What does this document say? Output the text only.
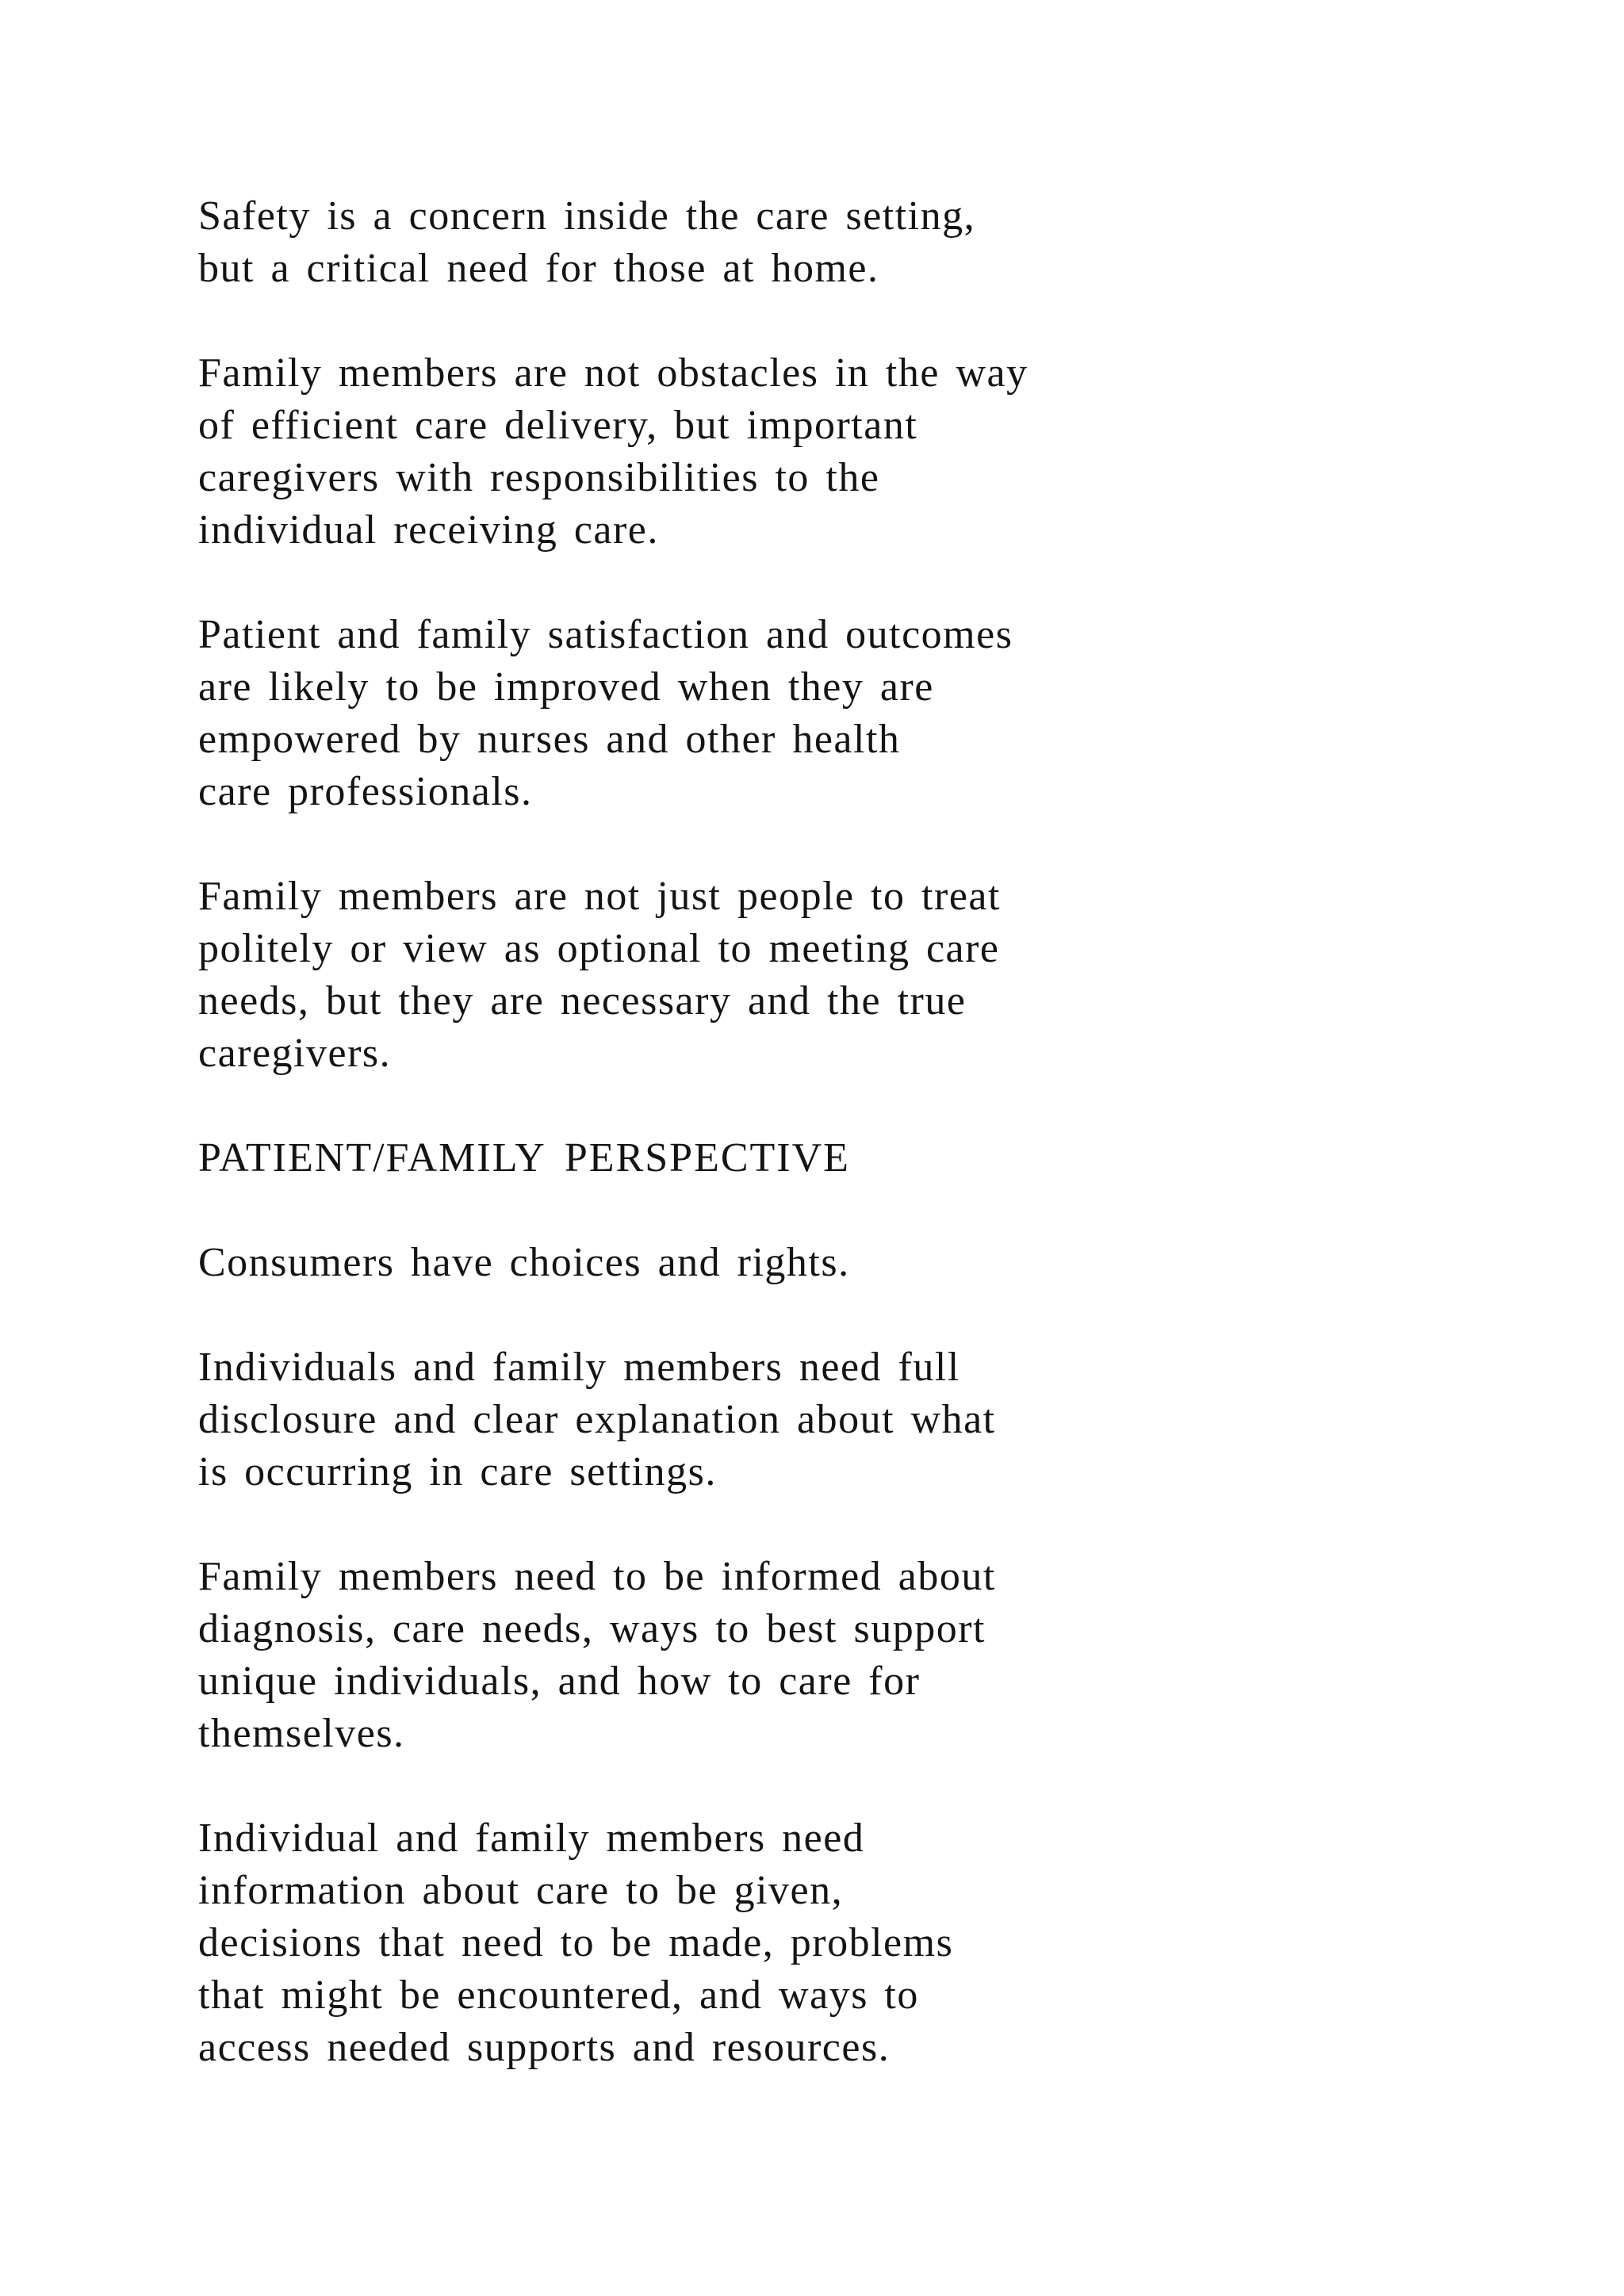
Safety is a concern inside the care setting,
but a critical need for those at home.

Family members are not obstacles in the way
of efficient care delivery, but important
caregivers with responsibilities to the
individual receiving care.

Patient and family satisfaction and outcomes
are likely to be improved when they are
empowered by nurses and other health
care professionals.

Family members are not just people to treat
politely or view as optional to meeting care
needs, but they are necessary and the true
caregivers.

PATIENT/FAMILY PERSPECTIVE

Consumers have choices and rights.

Individuals and family members need full
disclosure and clear explanation about what
is occurring in care settings.

Family members need to be informed about
diagnosis, care needs, ways to best support
unique individuals, and how to care for
themselves.

Individual and family members need
information about care to be given,
decisions that need to be made, problems
that might be encountered, and ways to
access needed supports and resources.
